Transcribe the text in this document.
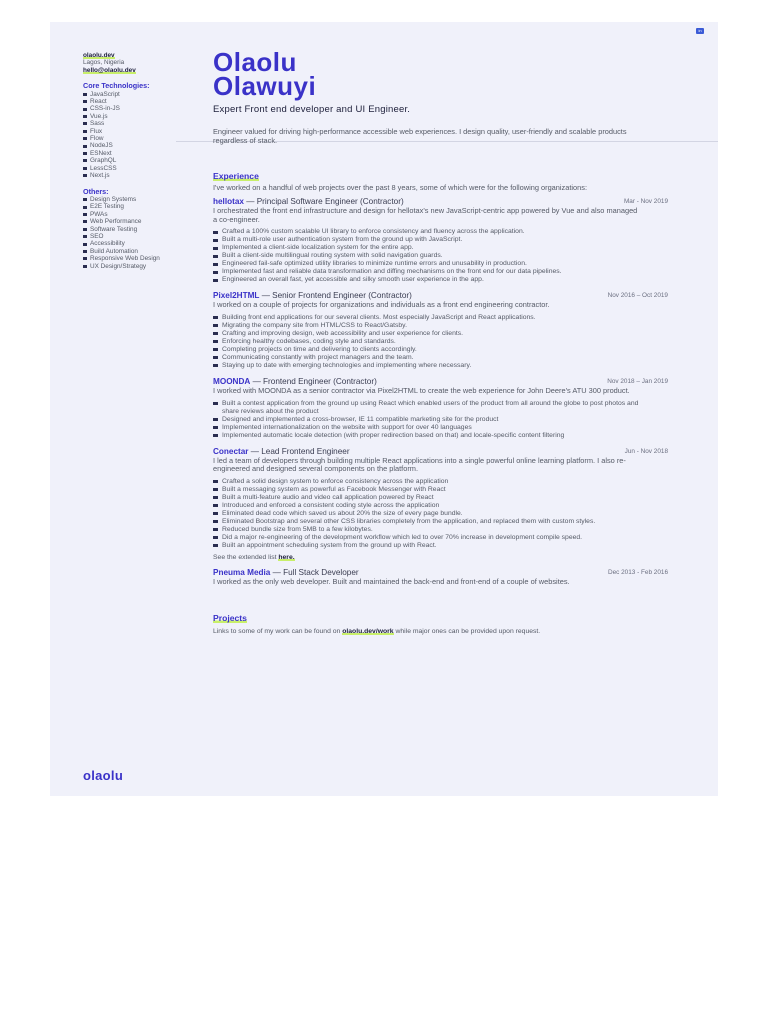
in
olaolu.dev
Lagos, Nigeria
hello@olaolu.dev
Core Technologies:
JavaScript
React
CSS-in-JS
Vue.js
Sass
Flux
Flow
NodeJS
ESNext
GraphQL
LessCSS
Next.js
Others:
Design Systems
E2E Testing
PWAs
Web Performance
Software Testing
SEO
Accessibility
Build Automation
Responsive Web Design
UX Design/Strategy
Olaolu
Olawuyi
Expert Front end developer and UI Engineer.
Engineer valued for driving high-performance accessible web experiences. I design quality, user-friendly and scalable products regardless of stack.
Experience
I've worked on a handful of web projects over the past 8 years, some of which were for the following organizations:
hellotax — Principal Software Engineer (Contractor)	Mar - Nov 2019
I orchestrated the front end infrastructure and design for hellotax's new JavaScript-centric app powered by Vue and also managed a co-engineer.
Crafted a 100% custom scalable UI library to enforce consistency and fluency across the application.
Built a multi-role user authentication system from the ground up with JavaScript.
Implemented a client-side localization system for the entire app.
Built a client-side multilingual routing system with solid navigation guards.
Engineered fail-safe optimized utility libraries to minimize runtime errors and unusability in production.
Implemented fast and reliable data transformation and diffing mechanisms on the front end for our data pipelines.
Engineered an overall fast, yet accessible and silky smooth user experience in the app.
Pixel2HTML — Senior Frontend Engineer (Contractor)	Nov 2016 – Oct 2019
I worked on a couple of projects for organizations and individuals as a front end engineering contractor.
Building front end applications for our several clients. Most especially JavaScript and React applications.
Migrating the company site from HTML/CSS to React/Gatsby.
Crafting and improving design, web accessibility and user experience for clients.
Enforcing healthy codebases, coding style and standards.
Completing projects on time and delivering to clients accordingly.
Communicating constantly with project managers and the team.
Staying up to date with emerging technologies and implementing where necessary.
MOONDA — Frontend Engineer (Contractor)	Nov 2018 – Jan 2019
I worked with MOONDA as a senior contractor via Pixel2HTML to create the web experience for John Deere's ATU 300 product.
Built a contest application from the ground up using React which enabled users of the product from all around the globe to post photos and share reviews about the product
Designed and implemented a cross-browser, IE 11 compatible marketing site for the product
Implemented internationalization on the website with support for over 40 languages
Implemented automatic locale detection (with proper redirection based on that) and locale-specific content filtering
Conectar — Lead Frontend Engineer	Jun - Nov 2018
I led a team of developers through building multiple React applications into a single powerful online learning platform. I also re-engineered and designed several components on the platform.
Crafted a solid design system to enforce consistency across the application
Built a messaging system as powerful as Facebook Messenger with React
Built a multi-feature audio and video call application powered by React
Introduced and enforced a consistent coding style across the application
Eliminated dead code which saved us about 20% the size of every page bundle.
Eliminated Bootstrap and several other CSS libraries completely from the application, and replaced them with custom styles.
Reduced bundle size from 5MB to a few kilobytes.
Did a major re-engineering of the development workflow which led to over 70% increase in development compile speed.
Built an appointment scheduling system from the ground up with React.
See the extended list here.
Pneuma Media — Full Stack Developer	Dec 2013 - Feb 2016
I worked as the only web developer. Built and maintained the back-end and front-end of a couple of websites.
Projects
Links to some of my work can be found on olaolu.dev/work while major ones can be provided upon request.
olaolu
